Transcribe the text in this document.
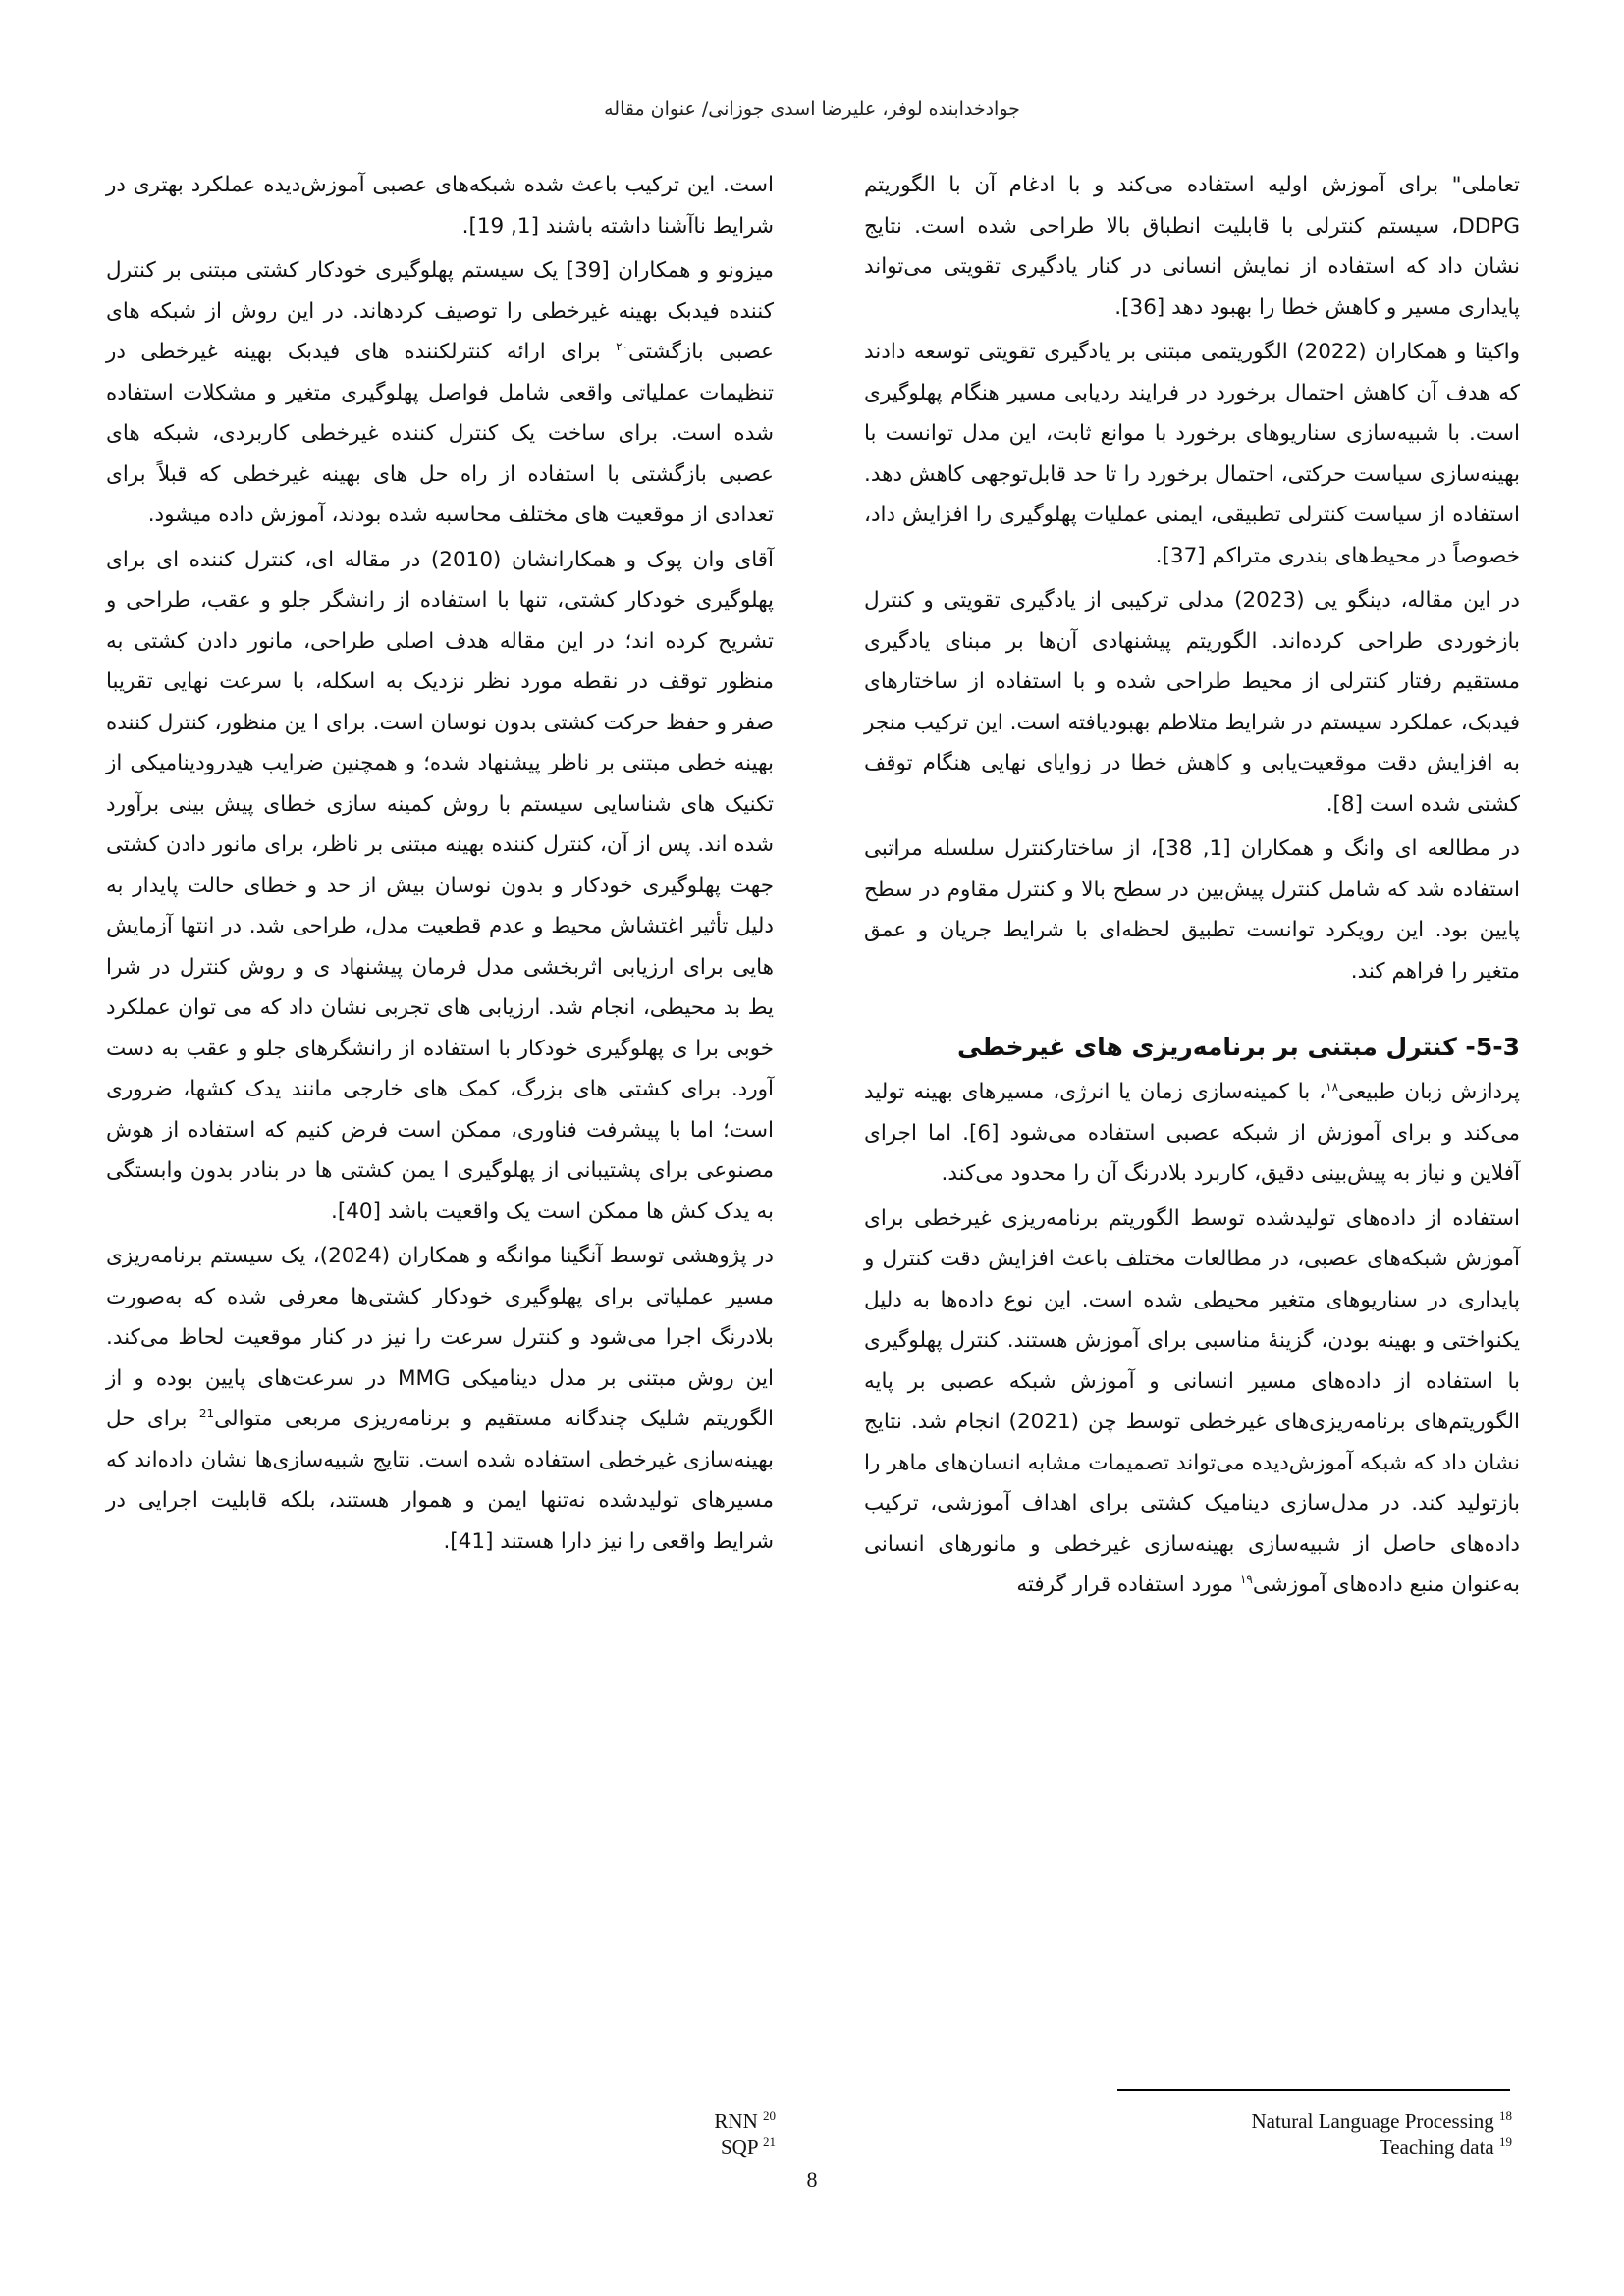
جوادخدابنده لوفر، علیرضا اسدی جوزانی/ عنوان مقاله

تعاملی" برای آموزش اولیه استفاده می‌کند و با ادغام آن با الگوریتم DDPG، سیستم کنترلی با قابلیت انطباق بالا طراحی شده است. نتایج نشان داد که استفاده از نمایش انسانی در کنار یادگیری تقویتی می‌تواند پایداری مسیر و کاهش خطا را بهبود دهد [36].

واکیتا و همکاران (2022) الگوریتمی مبتنی بر یادگیری تقویتی توسعه دادند که هدف آن کاهش احتمال برخورد در فرایند ردیابی مسیر هنگام پهلوگیری است. با شبیه‌سازی سناریوهای برخورد با موانع ثابت، این مدل توانست با بهینه‌سازی سیاست حرکتی، احتمال برخورد را تا حد قابل‌توجهی کاهش دهد. استفاده از سیاست کنترلی تطبیقی، ایمنی عملیات پهلوگیری را افزایش داد، خصوصاً در محیط‌های بندری متراکم [37].

در این مقاله، دینگو یی (2023) مدلی ترکیبی از یادگیری تقویتی و کنترل بازخوردی طراحی کرده‌اند. الگوریتم پیشنهادی آن‌ها بر مبنای یادگیری مستقیم رفتار کنترلی از محیط طراحی شده و با استفاده از ساختارهای فیدبک، عملکرد سیستم در شرایط متلاطم بهبودیافته است. این ترکیب منجر به افزایش دقت موقعیت‌یابی و کاهش خطا در زوایای نهایی هنگام توقف کشتی شده است [8].

در مطالعه ای وانگ و همکاران [1, 38]، از ساختارکنترل سلسله مراتبی استفاده شد که شامل کنترل پیش‌بین در سطح بالا و کنترل مقاوم در سطح پایین بود. این رویکرد توانست تطبیق لحظه‌ای با شرایط جریان و عمق متغیر را فراهم کند.

5-3- کنترل مبتنی بر برنامه‌ریزی های غیرخطی

پردازش زبان طبیعی$^{۱۸}$، با کمینه‌سازی زمان یا انرژی، مسیرهای بهینه تولید می‌کند و برای آموزش از شبکه عصبی استفاده می‌شود [6]. اما اجرای آفلاین و نیاز به پیش‌بینی دقیق، کاربرد بلادرنگ آن را محدود می‌کند.

استفاده از داده‌های تولیدشده توسط الگوریتم برنامه‌ریزی غیرخطی برای آموزش شبکه‌های عصبی، در مطالعات مختلف باعث افزایش دقت کنترل و پایداری در سناریوهای متغیر محیطی شده است. این نوع داده‌ها به دلیل یکنواختی و بهینه بودن، گزینهٔ مناسبی برای آموزش هستند. کنترل پهلوگیری با استفاده از داده‌های مسیر انسانی و آموزش شبکه عصبی بر پایه الگوریتم‌های برنامه‌ریزی‌های غیرخطی توسط چن (2021) انجام شد. نتایج نشان داد که شبکه آموزش‌دیده می‌تواند تصمیمات مشابه انسان‌های ماهر را بازتولید کند. در مدل‌سازی دینامیک کشتی برای اهداف آموزشی، ترکیب داده‌های حاصل از شبیه‌سازی بهینه‌سازی غیرخطی و مانورهای انسانی به‌عنوان منبع داده‌های آموزشی$^{۱۹}$ مورد استفاده قرار گرفته

است. این ترکیب باعث شده شبکه‌های عصبی آموزش‌دیده عملکرد بهتری در شرایط ناآشنا داشته باشند [1, 19].

میزونو و همکاران [39] یک سیستم پهلوگیری خودکار کشتی مبتنی بر کنترل کننده فیدبک بهینه غیرخطی را توصیف کردهاند. در این روش از شبکه های عصبی بازگشتی$^{۲۰}$ برای ارائه کنترلکننده های فیدبک بهینه غیرخطی در تنظیمات عملیاتی واقعی شامل فواصل پهلوگیری متغیر و مشکلات استفاده شده است. برای ساخت یک کنترل کننده غیرخطی کاربردی، شبکه های عصبی بازگشتی با استفاده از راه حل های بهینه غیرخطی که قبلاً برای تعدادی از موقعیت های مختلف محاسبه شده بودند، آموزش داده میشود.

آقای وان پوک و همکارانشان (2010) در مقاله ای، کنترل کننده ای برای پهلوگیری خودکار کشتی، تنها با استفاده از رانشگر جلو و عقب، طراحی و تشریح کرده اند؛ در این مقاله هدف اصلی طراحی، مانور دادن کشتی به منظور توقف در نقطه مورد نظر نزدیک به اسکله، با سرعت نهایی تقریبا صفر و حفظ حرکت کشتی بدون نوسان است. برای ا ین منظور، کنترل کننده بهینه خطی مبتنی بر ناظر پیشنهاد شده؛ و همچنین ضرایب هیدرودینامیکی از تکنیک های شناسایی سیستم با روش کمینه سازی خطای پیش بینی برآورد شده اند. پس از آن، کنترل کننده بهینه مبتنی بر ناظر، برای مانور دادن کشتی جهت پهلوگیری خودکار و بدون نوسان بیش از حد و خطای حالت پایدار به دلیل تأثیر اغتشاش محیط و عدم قطعیت مدل، طراحی شد. در انتها آزمایش هایی برای ارزیابی اثربخشی مدل فرمان پیشنهاد ی و روش کنترل در شرا یط بد محیطی، انجام شد. ارزیابی های تجربی نشان داد که می توان عملکرد خوبی برا ی پهلوگیری خودکار با استفاده از رانشگرهای جلو و عقب به دست آورد. برای کشتی های بزرگ، کمک های خارجی مانند یدک کشها، ضروری است؛ اما با پیشرفت فناوری، ممکن است فرض کنیم که استفاده از هوش مصنوعی برای پشتیبانی از پهلوگیری ا یمن کشتی ها در بنادر بدون وابستگی به یدک کش ها ممکن است یک واقعیت باشد [40].

در پژوهشی توسط آنگینا موانگه و همکاران (2024)، یک سیستم برنامه‌ریزی مسیر عملیاتی برای پهلوگیری خودکار کشتی‌ها معرفی شده که به‌صورت بلادرنگ اجرا می‌شود و کنترل سرعت را نیز در کنار موقعیت لحاظ می‌کند. این روش مبتنی بر مدل دینامیکی MMG در سرعت‌های پایین بوده و از الگوریتم شلیک چندگانه مستقیم و برنامه‌ریزی مربعی متوالی$^{21}$ برای حل بهینه‌سازی غیرخطی استفاده شده است. نتایج شبیه‌سازی‌ها نشان داده‌اند که مسیرهای تولیدشده نه‌تنها ایمن و هموار هستند، بلکه قابلیت اجرایی در شرایط واقعی را نیز دارا هستند [41].

RNN $^{20}$
SQP $^{21}$
Natural Language Processing $^{18}$
Teaching data $^{19}$
8
